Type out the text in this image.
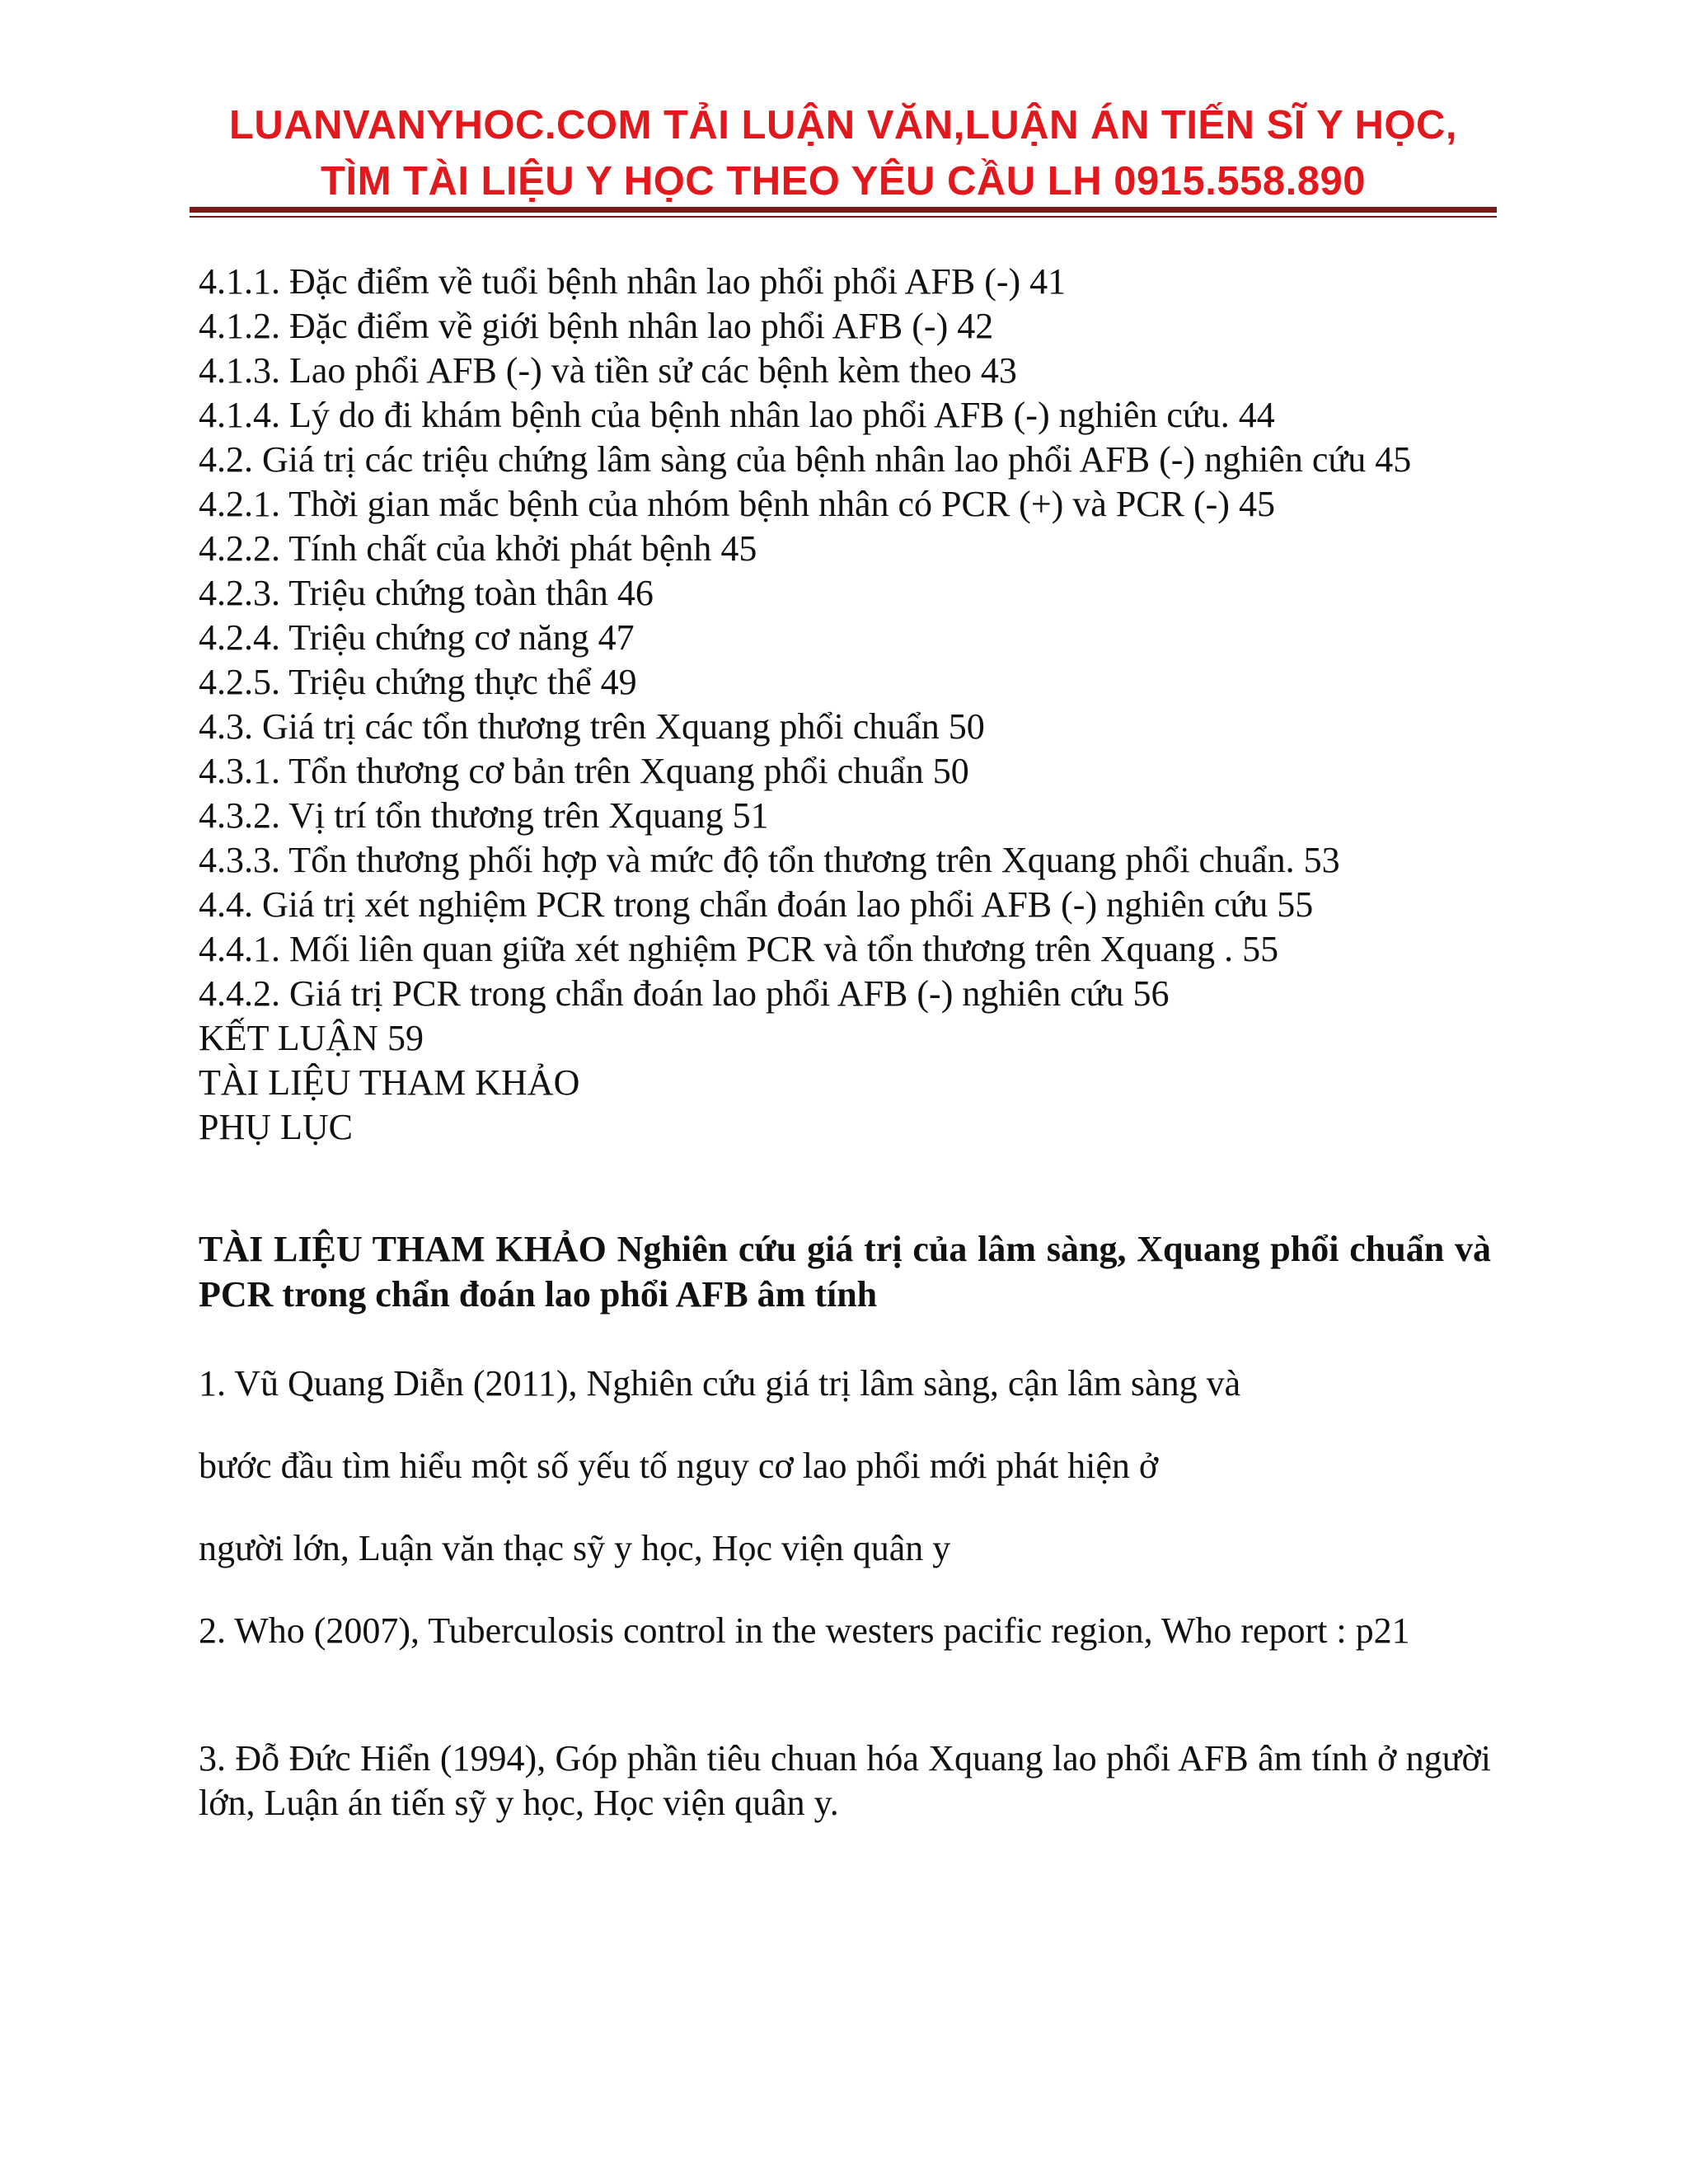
LUANVANYHOC.COM TẢI LUẬN VĂN,LUẬN ÁN TIẾN SĨ Y HỌC,
TÌM TÀI LIỆU Y HỌC THEO YÊU CẦU LH 0915.558.890
4.1.1. Đặc điểm về tuổi bệnh nhân lao phổi phổi AFB (-) 41
4.1.2. Đặc điểm về giới bệnh nhân lao phổi AFB (-) 42
4.1.3. Lao phổi AFB (-) và tiền sử các bệnh kèm theo 43
4.1.4. Lý do đi khám bệnh của bệnh nhân lao phổi AFB (-) nghiên cứu. 44
4.2. Giá trị các triệu chứng lâm sàng của bệnh nhân lao phổi AFB (-) nghiên cứu 45
4.2.1. Thời gian mắc bệnh của nhóm bệnh nhân có PCR (+) và PCR (-) 45
4.2.2. Tính chất của khởi phát bệnh 45
4.2.3. Triệu chứng toàn thân 46
4.2.4. Triệu chứng cơ năng 47
4.2.5. Triệu chứng thực thể 49
4.3. Giá trị các tổn thương trên Xquang phổi chuẩn 50
4.3.1. Tổn thương cơ bản trên Xquang phổi chuẩn 50
4.3.2. Vị trí tổn thương trên Xquang 51
4.3.3. Tổn thương phối hợp và mức độ tổn thương trên Xquang phổi chuẩn. 53
4.4. Giá trị xét nghiệm PCR trong chẩn đoán lao phổi AFB (-) nghiên cứu 55
4.4.1. Mối liên quan giữa xét nghiệm PCR và tổn thương trên Xquang . 55
4.4.2. Giá trị PCR trong chẩn đoán lao phổi AFB (-) nghiên cứu 56
KẾT LUẬN 59
TÀI LIỆU THAM KHẢO
PHỤ LỤC
TÀI LIỆU THAM KHẢO Nghiên cứu giá trị của lâm sàng, Xquang phổi chuẩn và PCR trong chẩn đoán lao phổi AFB âm tính
1. Vũ Quang Diễn (2011), Nghiên cứu giá trị lâm sàng, cận lâm sàng và
bước đầu tìm hiểu một số yếu tố nguy cơ lao phổi mới phát hiện ở
người lớn, Luận văn thạc sỹ y học, Học viện quân y
2. Who (2007), Tuberculosis control in the westers pacific region, Who report : p21
3. Đỗ Đức Hiển (1994), Góp phần tiêu chuan hóa Xquang lao phổi AFB âm tính ở người lớn, Luận án tiến sỹ y học, Học viện quân y.
